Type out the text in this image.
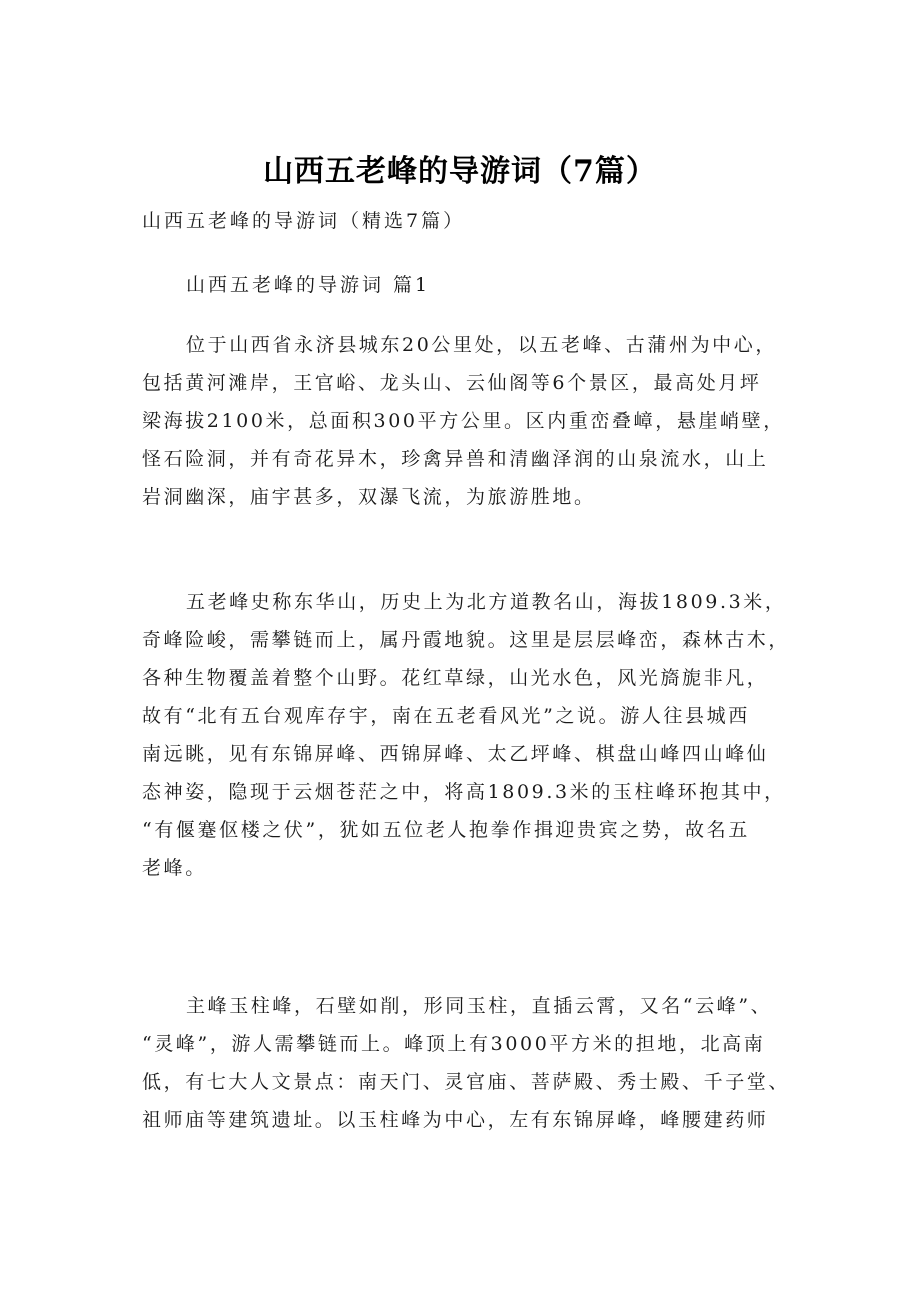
山西五老峰的导游词（7篇）
山西五老峰的导游词（精选7篇）
山西五老峰的导游词 篇1
位于山西省永济县城东20公里处，以五老峰、古蒲州为中心，
包括黄河滩岸，王官峪、龙头山、云仙阁等6个景区，最高处月坪
梁海拔2100米，总面积300平方公里。区内重峦叠嶂，悬崖峭壁，
怪石险洞，并有奇花异木，珍禽异兽和清幽泽润的山泉流水，山上
岩洞幽深，庙宇甚多，双瀑飞流，为旅游胜地。
五老峰史称东华山，历史上为北方道教名山，海拔1809.3米，
奇峰险峻，需攀链而上，属丹霞地貌。这里是层层峰峦，森林古木，
各种生物覆盖着整个山野。花红草绿，山光水色，风光旖旎非凡，
故有“北有五台观库存宇，南在五老看风光”之说。游人往县城西
南远眺，见有东锦屏峰、西锦屏峰、太乙坪峰、棋盘山峰四山峰仙
态神姿，隐现于云烟苍茫之中，将高1809.3米的玉柱峰环抱其中，
“有偃蹇伛楼之伏”，犹如五位老人抱拳作揖迎贵宾之势，故名五
老峰。
主峰玉柱峰，石壁如削，形同玉柱，直插云霄，又名“云峰”、
“灵峰”，游人需攀链而上。峰顶上有3000平方米的担地，北高南
低，有七大人文景点：南天门、灵官庙、菩萨殿、秀士殿、千子堂、
祖师庙等建筑遗址。以玉柱峰为中心，左有东锦屏峰，峰腰建药师
